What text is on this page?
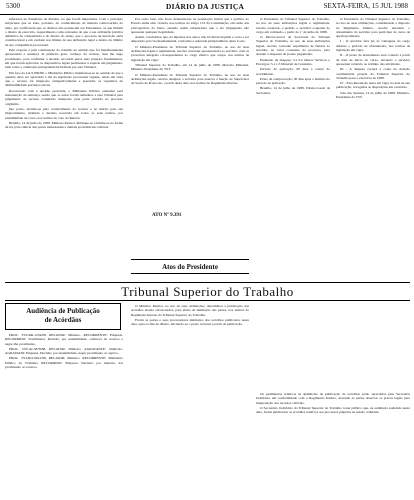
5300	DIÁRIO DA JUSTIÇA	SEXTA-FEIRA, 15 JUL 1988

inferiores no Estadiário da Paraíba, no que foram impetradas. Com o princípio subjacente que se trate, portanto, do conhecimento da matéria controvertida do tema, por verificarem que os direitos não pertencem aos Estudantes, os que tinham o direito de exercício, requerimento como referente de que a sua atribuição jurídica definitiva da competência e do direito do aluno, que o processo de inscrição seria constitucional e em verdade nos limites da sua atribuição legal e dentro do âmbito de sua competência processual.

Pelo exposto e pela continuação do trabalho no sentido que foi manifestamente apresentada a sentença de primeiro grau, conheço do recurso, mas lhe nego provimento, para confirmar a decisão recorrida pelos seus próprios fundamentos, em que foram aplicados os dispositivos legais pertinentes à espécie em julgamento, bem como a orientação jurisprudencial firmada por este Tribunal.

Em face da Lei 6.830/80, o Ministério Público manifestou-se no sentido de que a questão deve ser apreciada à luz da legislação processual vigente, tendo em vista que o recurso foi interposto tempestivamente e preenche os requisitos de admissibilidade previstos em lei.

Recorrendo com a decisão proferida, o Ministério Público entendeu pela manutenção da sentença, sendo que os autos foram remetidos a este Tribunal para julgamento do recurso voluntário interposto pela parte vencida no processo originário.

Isto posto, decidiu-se pelo conhecimento do recurso e no mérito pelo seu improvimento, mantida a decisão recorrida em todos os seus termos, por unanimidade de votos, nos termos do voto do Relator.

Brasília, 14 de julho de 1988. Ministro Relator. Publique-se e intime-se na forma da lei, para ciência das partes interessadas e demais providências cabíveis.

Por outro lado, não ficou demonstrado na postulação inicial que a política do Estado tenha sido violada, nos termos do artigo 153 da Constituição, em razão das prerrogativas do Juízo, estando assim evidenciado que o ato impugnado não apresenta qualquer ilegalidade.

Assim, concluímos que, na hipótese dos autos, não há direito líquido e certo a ser amparado pela via mandamental, conforme a reiterada jurisprudência desta Corte.

O Ministro-Presidente do Tribunal Superior do Trabalho, no uso de suas atribuições legais e regimentais, resolve conceder aposentadoria ao servidor, com os proventos integrais correspondentes ao cargo efetivo que ocupa, nos termos da legislação em vigor.

Tribunal Superior do Trabalho, em 14 de julho de 1988. Marcelo Pimentel, Ministro-Presidente do TST.

O Ministro-Presidente do Tribunal Superior do Trabalho, no uso de suas atribuições legais, resolve designar o servidor para exercer a função de Supervisor da Seção de Protocolo, a partir desta data, nos termos do Regimento Interno.

Atos do Presidente

O Presidente do Tribunal Superior do Trabalho, no uso de suas atribuições legais e regimentais, resolve exonerar, a pedido, o servidor ocupante do cargo em comissão, a partir de 1º de julho de 1988.

O Diretor-Geral da Secretaria do Tribunal Superior do Trabalho, no uso de suas atribuições legais, resolve conceder suprimento de fundos ao servidor, no valor constante do processo, para atender a despesas de pronto pagamento.

Elemento de despesa: 3.1.3.2 Outros Serviços e Encargos; 3.1.1.3 Material de Consumo.

Período de aplicação: 90 dias a contar do recebimento.

Prazo de comprovação: 30 dias após o término do período de aplicação.

Brasília, 14 de julho de 1988. Diretor-Geral da Secretaria.

O Presidente do Tribunal Superior do Trabalho, no uso de suas atribuições, considerando o disposto no Regimento Interno, resolve autorizar o afastamento do servidor para participar de curso de aperfeiçoamento.

I - O servidor fará jus às vantagens do cargo durante o período de afastamento, nos termos da legislação em vigor.

II - O prazo de afastamento será contado a partir da data de início do curso, devendo o servidor apresentar relatório ao término das atividades.

III - A despesa correrá à conta da dotação orçamentária própria do Tribunal Superior do Trabalho para o exercício de 1988.

IV - Esta Resolução entra em vigor na data de sua publicação, revogadas as disposições em contrário.

Sala das Sessões, 14 de julho de 1988. Ministro-Presidente do TST.

ATO Nº 9.391
Tribunal Superior do Trabalho
Audiência de Publicação
de Acórdãos

PROC. TST-RR-1234/88, RELATOR: Ministro. RECORRENTE: Empresa. RECORRIDO: Trabalhador. Decisão: por unanimidade, conhecer do recurso e negar-lhe provimento.

PROC. TST-AI-5678/88, RELATOR: Ministro. AGRAVANTE: Sindicato. AGRAVADO: Empresa. Decisão: por unanimidade, negar provimento ao agravo.

PROC. TST-RO-9012/88, RELATOR: Ministro. RECORRENTE: Ministério Público do Trabalho. RECORRIDO: Empresa. Decisão: por maioria, dar provimento ao recurso.

O Ministro Relator, no uso de suas atribuições, determinou a publicação dos acórdãos abaixo relacionados, para efeito de intimação das partes, nos termos do Regimento Interno do Tribunal Superior do Trabalho.

Ficam as partes e seus procuradores intimados dos acórdãos publicados nesta data, para os fins de direito, iniciando-se o prazo recursal a partir da publicação.

Os pedimentos relativos às audiências de publicação de acórdãos serão apreciados pela Secretaria Judiciária, em conformidade com o Regimento Interno, devendo as partes observar os prazos legais para interposição dos recursos cabíveis.

O Secretário Judiciário do Tribunal Superior do Trabalho torna público que, na audiência realizada nesta data, foram publicados os acórdãos relativos aos processos julgados na sessão ordinária.
